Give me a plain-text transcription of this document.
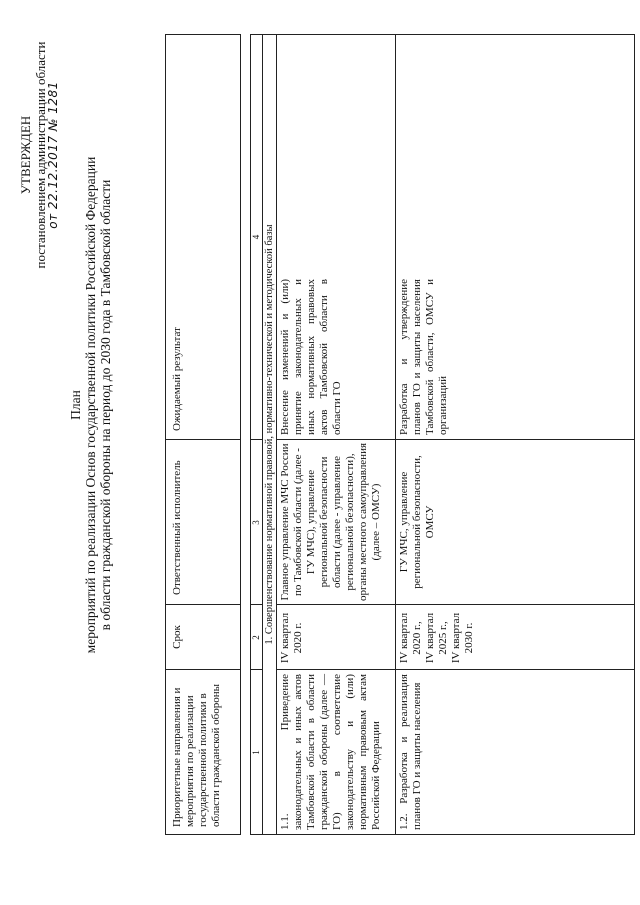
УТВЕРЖДЕН постановлением администрации области
от 22.12.2017 № 1281
План мероприятий по реализации Основ государственной политики Российской Федерации в области гражданской обороны на период до 2030 года в Тамбовской области
Приоритетные направления и мероприятия по реализации государственной политики в области гражданской обороны
Срок
Ответственный исполнитель
Ожидаемый результат
1
2
3
4 1. Совершенствование нормативной правовой, нормативно-технической и методической базы
1.1. Приведение законодательных и иных актов Тамбовской области в области гражданской обороны (далее — ГО) в соответствие законодательству и (или) нормативным правовым актам Российской Федерации
IV квартал 2020 г.
Главное управление МЧС России по Тамбовской области (далее - ГУ МЧС), управление региональной безопасности области (далее - управление региональной безопасности), органы местного самоуправления (далее – ОМСУ)
Внесение изменений и (или) принятие законодательных и иных нормативных правовых актов Тамбовской области в области ГО
1.2. Разработка и реализация планов ГО и защиты населения
IV квартал 2020 г., IV квартал 2025 г., IV квартал 2030 г.
ГУ МЧС, управление региональной безопасности, ОМСУ
Разработка и утверждение планов ГО и защиты населения Тамбовской области, ОМСУ и организаций
